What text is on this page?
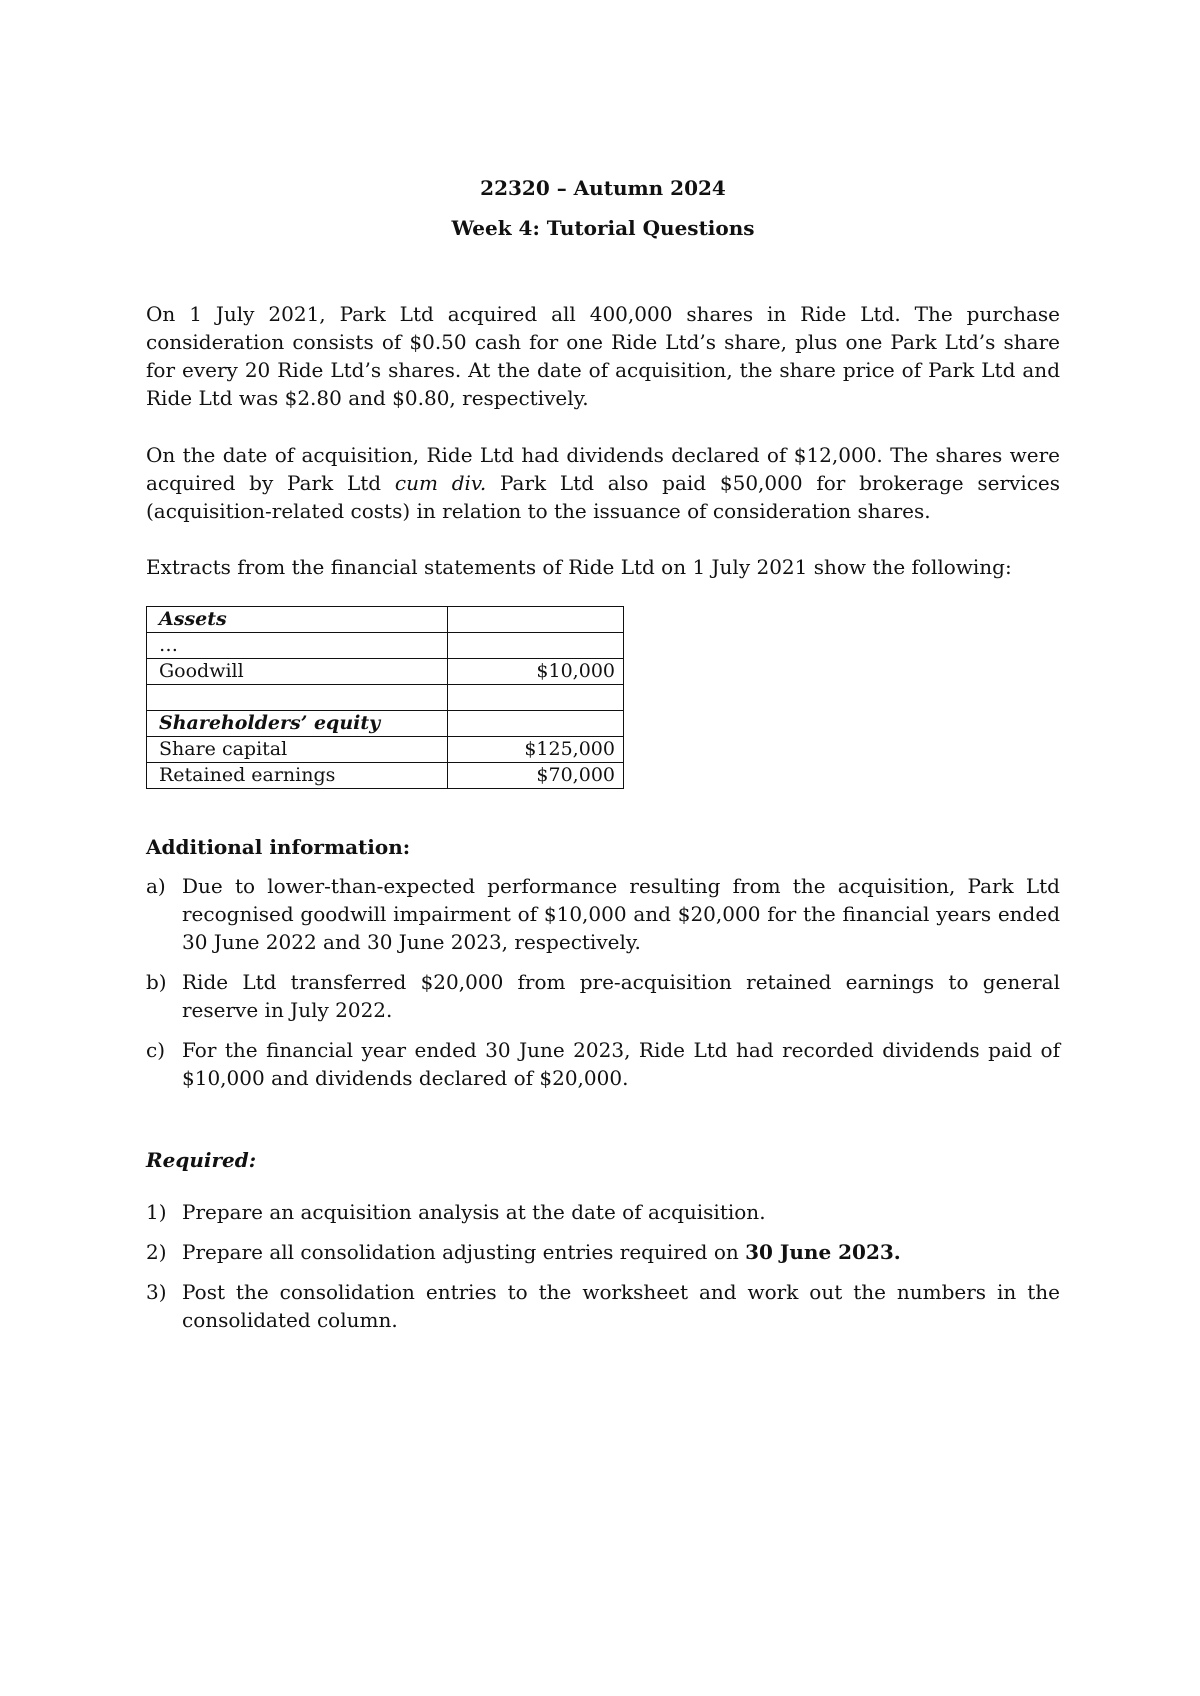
22320 – Autumn 2024
Week 4: Tutorial Questions
On 1 July 2021, Park Ltd acquired all 400,000 shares in Ride Ltd. The purchase consideration consists of $0.50 cash for one Ride Ltd’s share, plus one Park Ltd’s share for every 20 Ride Ltd’s shares. At the date of acquisition, the share price of Park Ltd and Ride Ltd was $2.80 and $0.80, respectively.
On the date of acquisition, Ride Ltd had dividends declared of $12,000. The shares were acquired by Park Ltd cum div. Park Ltd also paid $50,000 for brokerage services (acquisition-related costs) in relation to the issuance of consideration shares.
Extracts from the financial statements of Ride Ltd on 1 July 2021 show the following:
Assets	
…	
Goodwill	$10,000

Shareholders’ equity	
Share capital	$125,000
Retained earnings	$70,000
Additional information:
a) Due to lower-than-expected performance resulting from the acquisition, Park Ltd recognised goodwill impairment of $10,000 and $20,000 for the financial years ended 30 June 2022 and 30 June 2023, respectively.
b) Ride Ltd transferred $20,000 from pre-acquisition retained earnings to general reserve in July 2022.
c) For the financial year ended 30 June 2023, Ride Ltd had recorded dividends paid of $10,000 and dividends declared of $20,000.
Required:
1) Prepare an acquisition analysis at the date of acquisition.
2) Prepare all consolidation adjusting entries required on 30 June 2023.
3) Post the consolidation entries to the worksheet and work out the numbers in the consolidated column.
